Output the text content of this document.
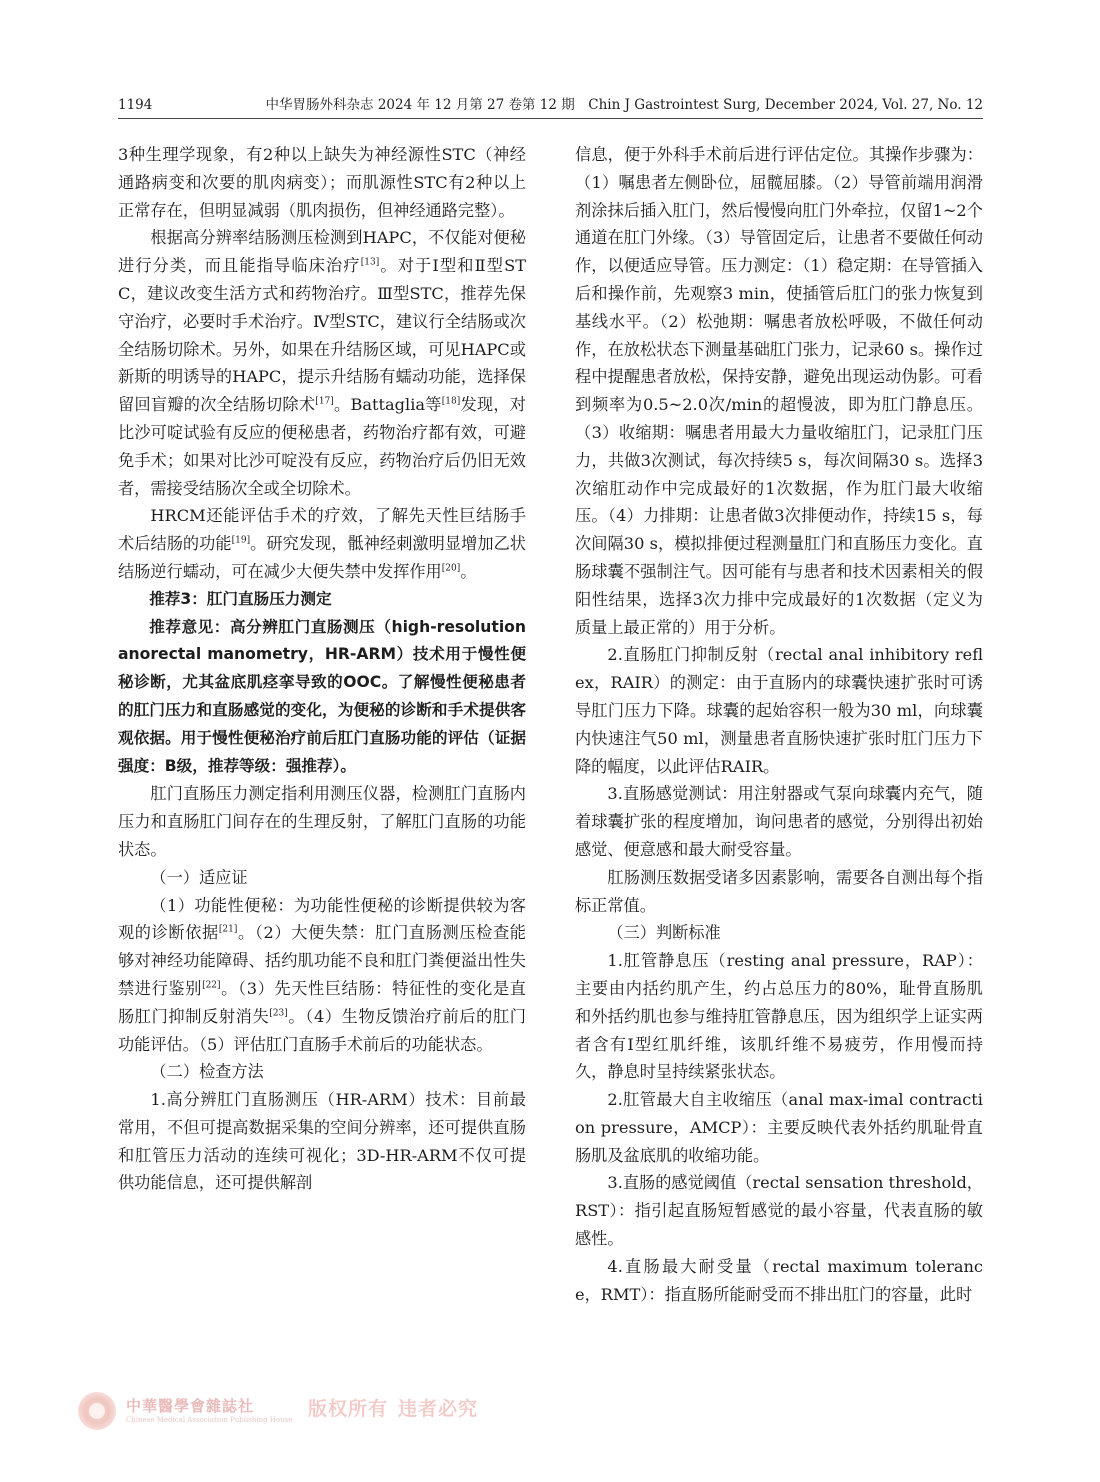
1194	中华胃肠外科杂志 2024 年 12 月第 27 卷第 12 期　Chin J Gastrointest Surg, December 2024, Vol. 27, No. 12

3种生理学现象，有2种以上缺失为神经源性STC（神经通路病变和次要的肌肉病变）；而肌源性STC有2种以上正常存在，但明显减弱（肌肉损伤，但神经通路完整）。

根据高分辨率结肠测压检测到HAPC，不仅能对便秘进行分类，而且能指导临床治疗[13]。对于Ⅰ型和Ⅱ型STC，建议改变生活方式和药物治疗。Ⅲ型STC，推荐先保守治疗，必要时手术治疗。Ⅳ型STC，建议行全结肠或次全结肠切除术。另外，如果在升结肠区域，可见HAPC或新斯的明诱导的HAPC，提示升结肠有蠕动功能，选择保留回盲瓣的次全结肠切除术[17]。Battaglia等[18]发现，对比沙可啶试验有反应的便秘患者，药物治疗都有效，可避免手术；如果对比沙可啶没有反应，药物治疗后仍旧无效者，需接受结肠次全或全切除术。

HRCM还能评估手术的疗效，了解先天性巨结肠手术后结肠的功能[19]。研究发现，骶神经刺激明显增加乙状结肠逆行蠕动，可在减少大便失禁中发挥作用[20]。

推荐3：肛门直肠压力测定

推荐意见：高分辨肛门直肠测压（high-resolution anorectal manometry，HR-ARM）技术用于慢性便秘诊断，尤其盆底肌痉挛导致的OOC。了解慢性便秘患者的肛门压力和直肠感觉的变化，为便秘的诊断和手术提供客观依据。用于慢性便秘治疗前后肛门直肠功能的评估（证据强度：B级，推荐等级：强推荐）。

肛门直肠压力测定指利用测压仪器，检测肛门直肠内压力和直肠肛门间存在的生理反射，了解肛门直肠的功能状态。

（一）适应证

（1）功能性便秘：为功能性便秘的诊断提供较为客观的诊断依据[21]。（2）大便失禁：肛门直肠测压检查能够对神经功能障碍、括约肌功能不良和肛门粪便溢出性失禁进行鉴别[22]。（3）先天性巨结肠：特征性的变化是直肠肛门抑制反射消失[23]。（4）生物反馈治疗前后的肛门功能评估。（5）评估肛门直肠手术前后的功能状态。

（二）检查方法

1.高分辨肛门直肠测压（HR-ARM）技术：目前最常用，不但可提高数据采集的空间分辨率，还可提供直肠和肛管压力活动的连续可视化；3D-HR-ARM不仅可提供功能信息，还可提供解剖

信息，便于外科手术前后进行评估定位。其操作步骤为：（1）嘱患者左侧卧位，屈髋屈膝。（2）导管前端用润滑剂涂抹后插入肛门，然后慢慢向肛门外牵拉，仅留1~2个通道在肛门外缘。（3）导管固定后，让患者不要做任何动作，以便适应导管。压力测定：（1）稳定期：在导管插入后和操作前，先观察3 min，使插管后肛门的张力恢复到基线水平。（2）松弛期：嘱患者放松呼吸，不做任何动作，在放松状态下测量基础肛门张力，记录60 s。操作过程中提醒患者放松，保持安静，避免出现运动伪影。可看到频率为0.5~2.0次/min的超慢波，即为肛门静息压。（3）收缩期：嘱患者用最大力量收缩肛门，记录肛门压力，共做3次测试，每次持续5 s，每次间隔30 s。选择3次缩肛动作中完成最好的1次数据，作为肛门最大收缩压。（4）力排期：让患者做3次排便动作，持续15 s，每次间隔30 s，模拟排便过程测量肛门和直肠压力变化。直肠球囊不强制注气。因可能有与患者和技术因素相关的假阳性结果，选择3次力排中完成最好的1次数据（定义为质量上最正常的）用于分析。

2.直肠肛门抑制反射（rectal anal inhibitory reflex，RAIR）的测定：由于直肠内的球囊快速扩张时可诱导肛门压力下降。球囊的起始容积一般为30 ml，向球囊内快速注气50 ml，测量患者直肠快速扩张时肛门压力下降的幅度，以此评估RAIR。

3.直肠感觉测试：用注射器或气泵向球囊内充气，随着球囊扩张的程度增加，询问患者的感觉，分别得出初始感觉、便意感和最大耐受容量。

肛肠测压数据受诸多因素影响，需要各自测出每个指标正常值。

（三）判断标准

1.肛管静息压（resting anal pressure，RAP）：主要由内括约肌产生，约占总压力的80%，耻骨直肠肌和外括约肌也参与维持肛管静息压，因为组织学上证实两者含有Ⅰ型红肌纤维，该肌纤维不易疲劳，作用慢而持久，静息时呈持续紧张状态。

2.肛管最大自主收缩压（anal max-imal contraction pressure，AMCP）：主要反映代表外括约肌耻骨直肠肌及盆底肌的收缩功能。

3.直肠的感觉阈值（rectal sensation threshold，RST）：指引起直肠短暂感觉的最小容量，代表直肠的敏感性。

4.直肠最大耐受量（rectal maximum tolerance，RMT）：指直肠所能耐受而不排出肛门的容量，此时

中華醫學會雜誌社
Chinese Medical Association Publishing House 版权所有 违者必究
